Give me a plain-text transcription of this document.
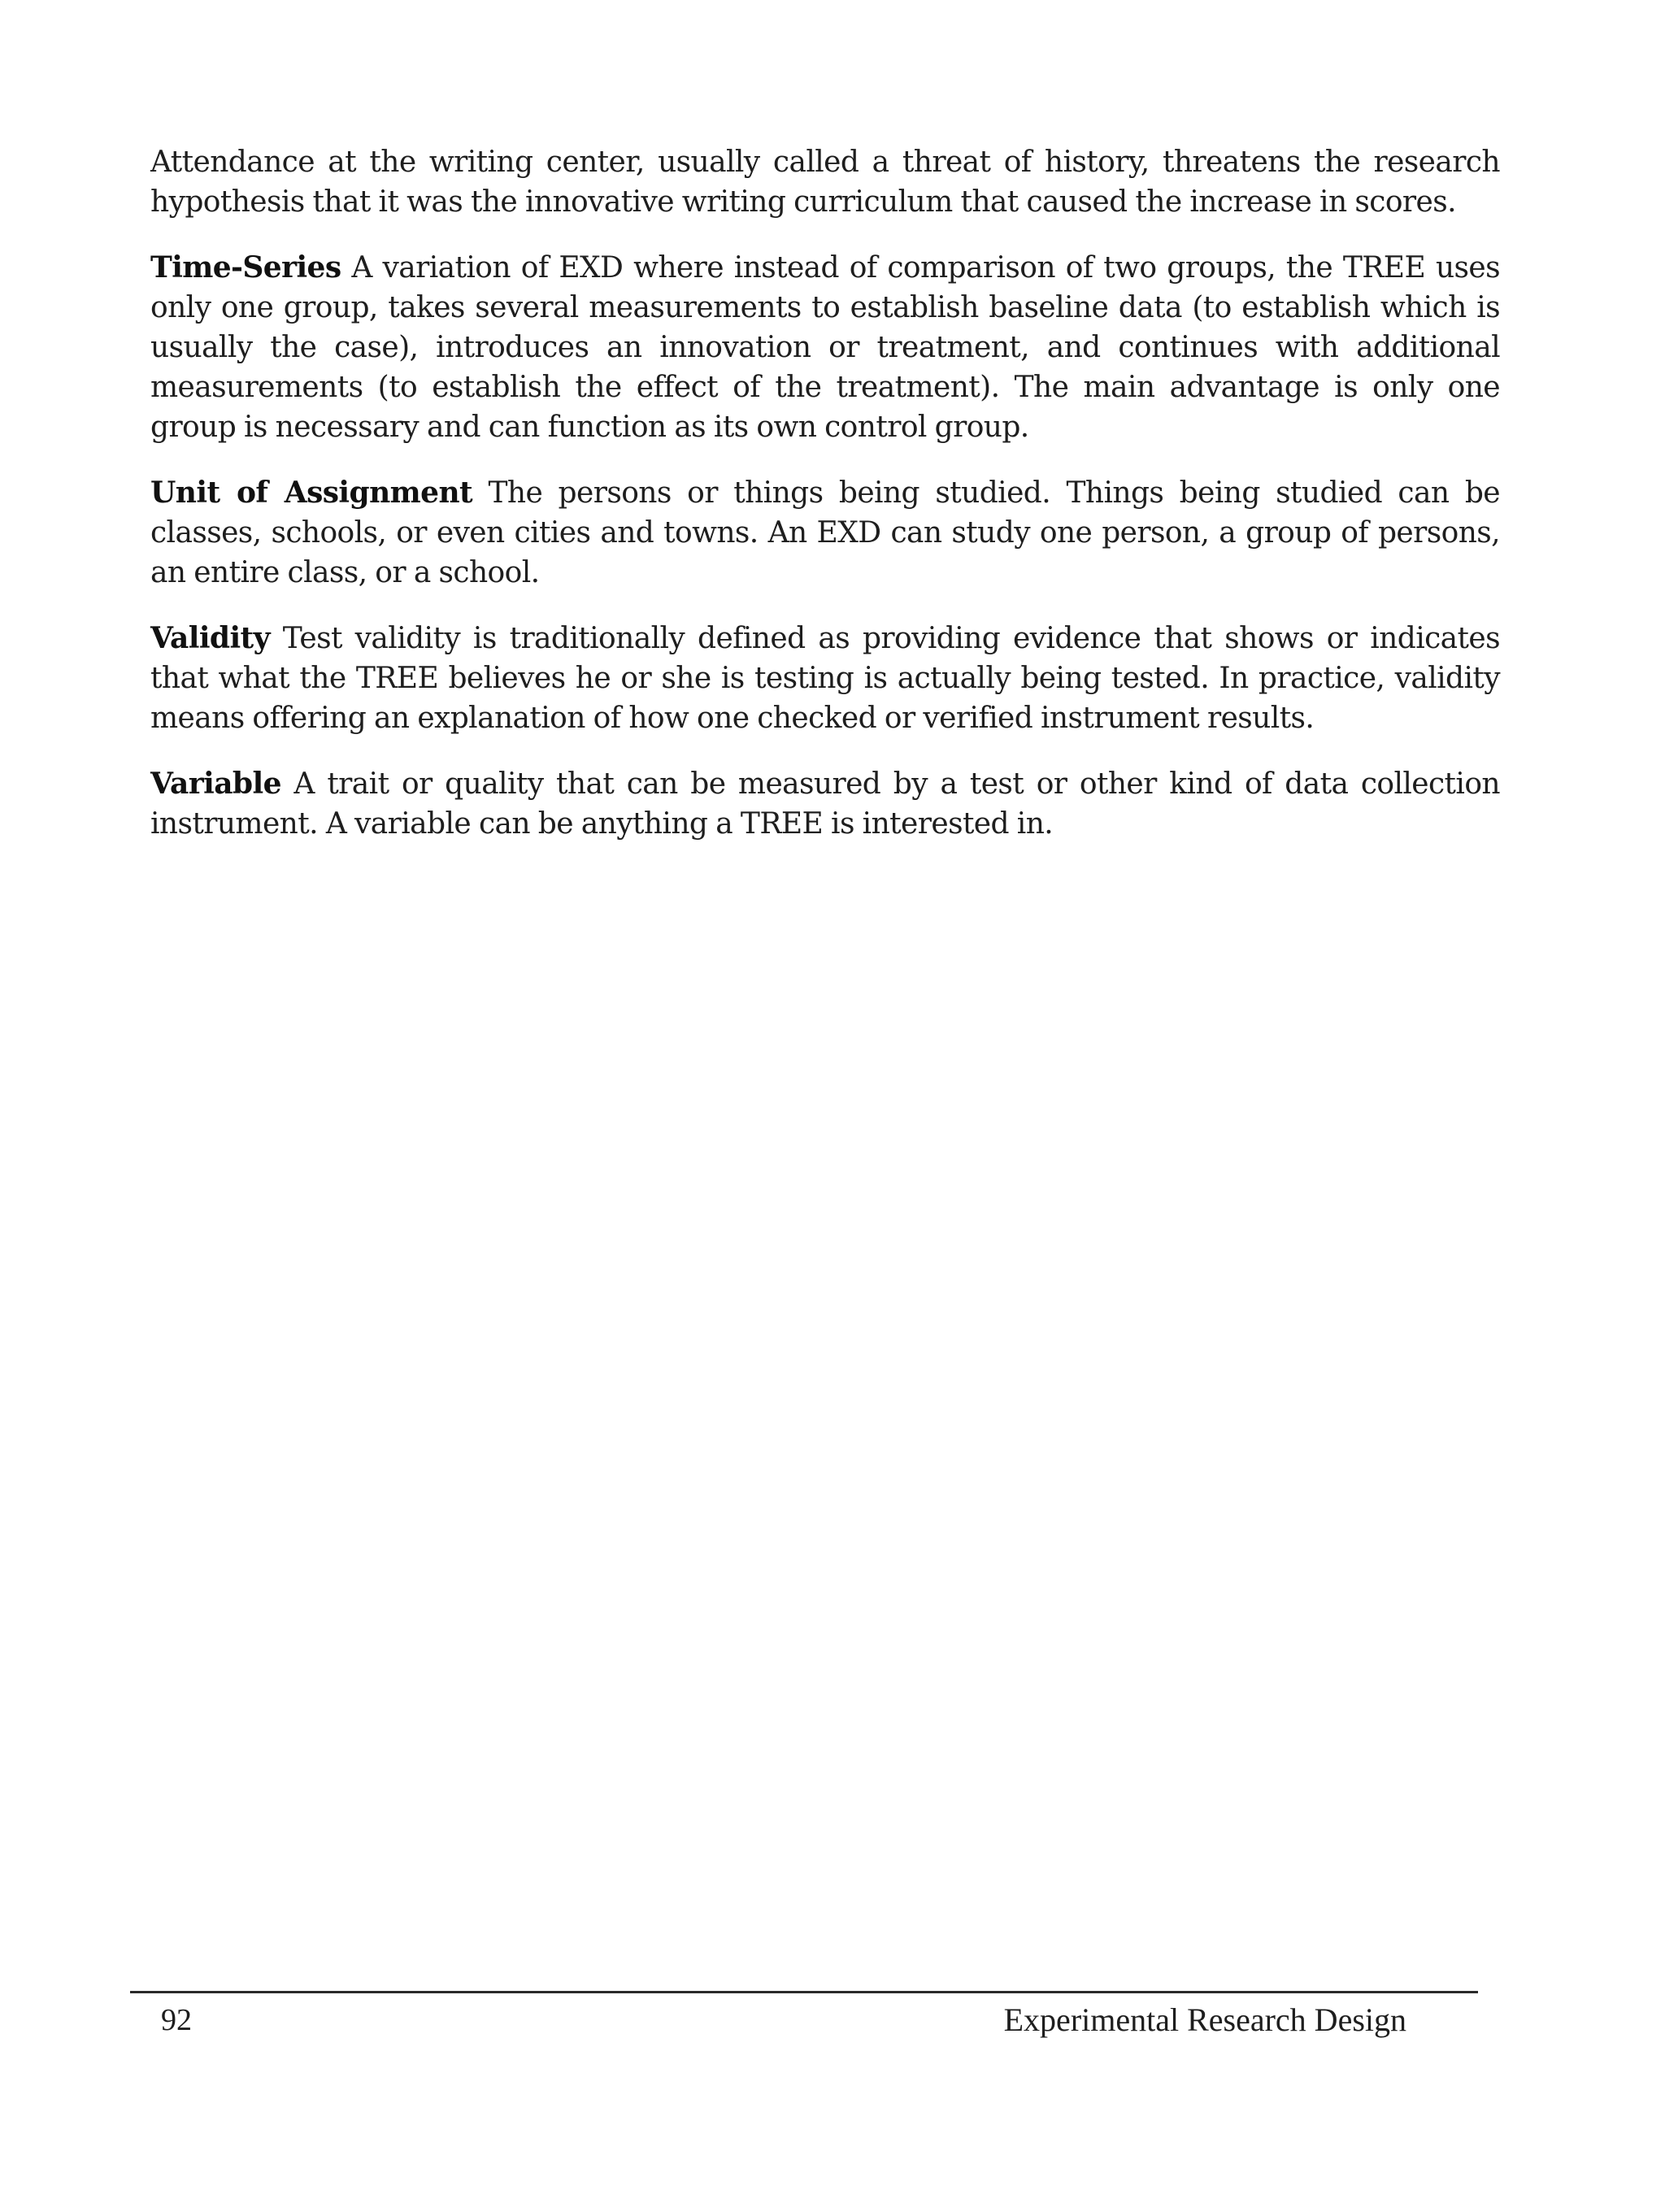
Attendance at the writing center, usually called a threat of history, threatens the research hypothesis that it was the innovative writing curriculum that caused the increase in scores.

Time-Series A variation of EXD where instead of comparison of two groups, the TREE uses only one group, takes several measurements to establish baseline data (to establish which is usually the case), introduces an innovation or treatment, and continues with additional measurements (to establish the effect of the treatment). The main advantage is only one group is necessary and can function as its own control group.

Unit of Assignment The persons or things being studied. Things being studied can be classes, schools, or even cities and towns. An EXD can study one person, a group of persons, an entire class, or a school.

Validity Test validity is traditionally defined as providing evidence that shows or indicates that what the TREE believes he or she is testing is actually being tested. In practice, validity means offering an explanation of how one checked or verified instrument results.

Variable A trait or quality that can be measured by a test or other kind of data collection instrument. A variable can be anything a TREE is interested in.

92	Experimental Research Design
